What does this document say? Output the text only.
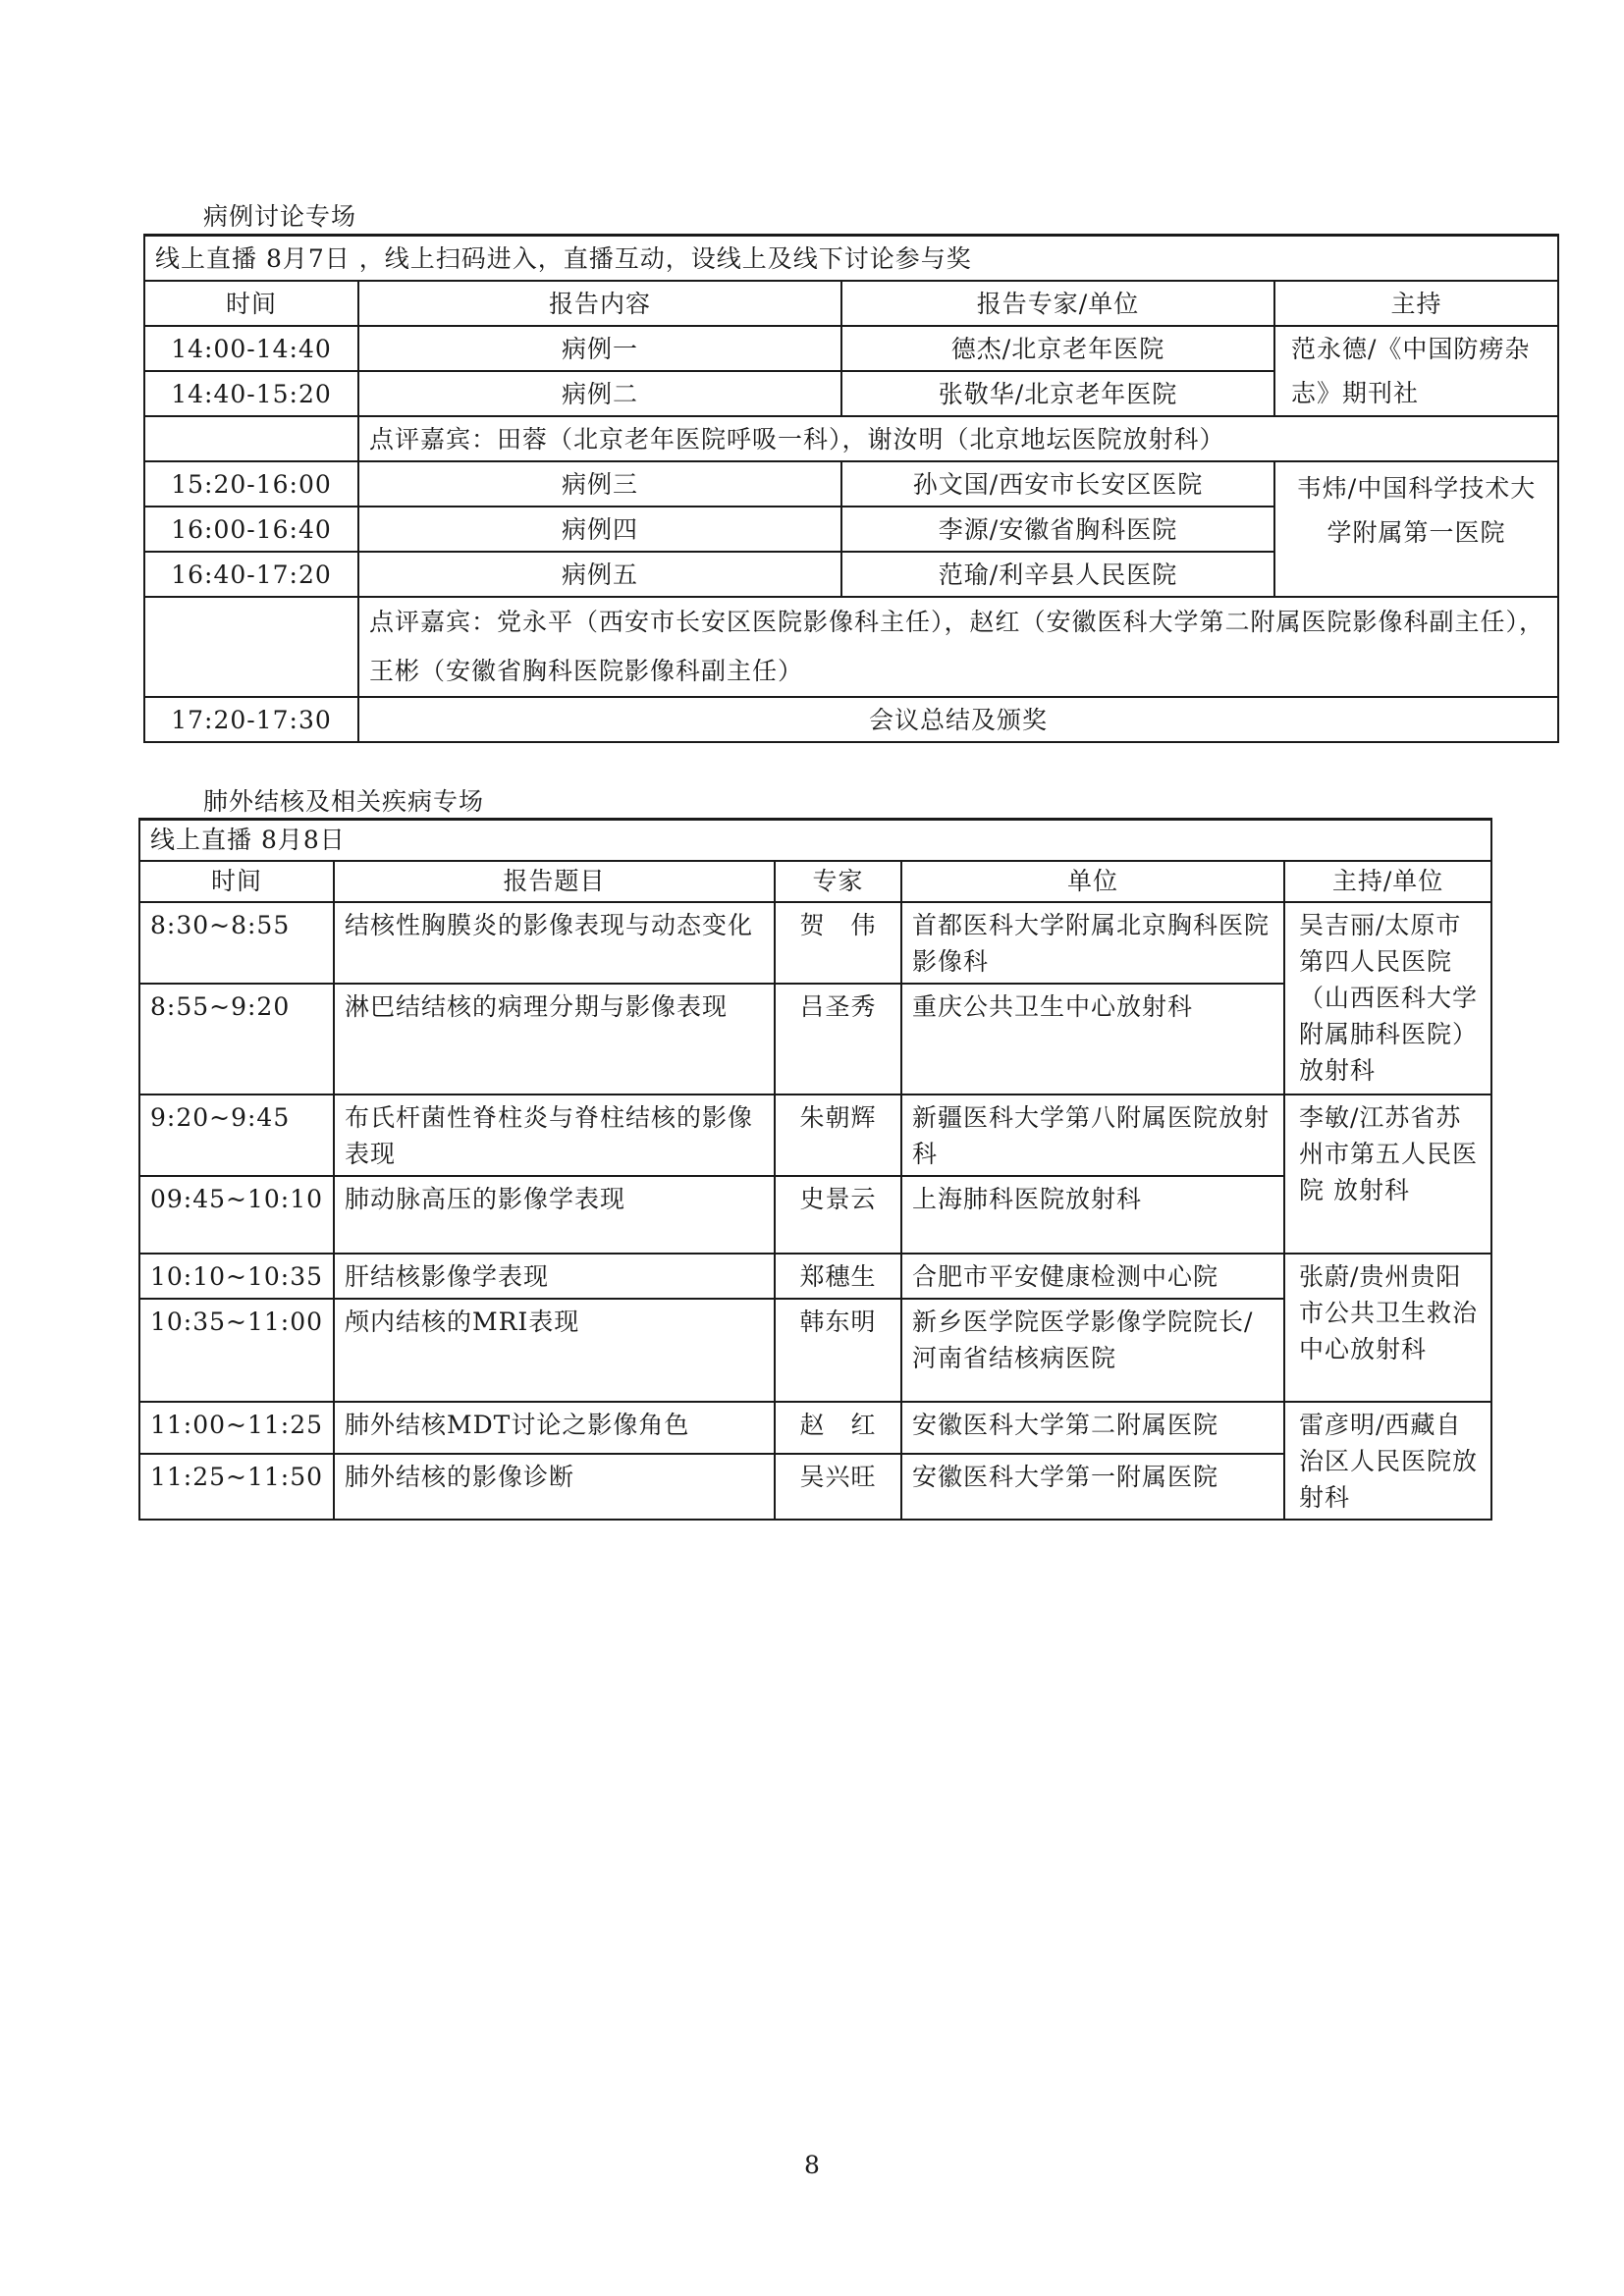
病例讨论专场
线上直播 8月7日 ，线上扫码进入，直播互动，设线上及线下讨论参与奖			
时间	报告内容	报告专家/单位	主持
14:00-14:40	病例一	德杰/北京老年医院	范永德/《中国防痨杂志》期刊社
14:40-15:20	病例二	张敬华/北京老年医院	
	点评嘉宾：田蓉（北京老年医院呼吸一科），谢汝明（北京地坛医院放射科）		
15:20-16:00	病例三	孙文国/西安市长安区医院	韦炜/中国科学技术大学附属第一医院
16:00-16:40	病例四	李源/安徽省胸科医院	
16:40-17:20	病例五	范瑜/利辛县人民医院	
	点评嘉宾：党永平（西安市长安区医院影像科主任），赵红（安徽医科大学第二附属医院影像科副主任），王彬（安徽省胸科医院影像科副主任）		
17:20-17:30	会议总结及颁奖		
肺外结核及相关疾病专场
线上直播 8月8日				
时间	报告题目	专家	单位	主持/单位
8:30~8:55	结核性胸膜炎的影像表现与动态变化	贺　伟	首都医科大学附属北京胸科医院影像科	吴吉丽/太原市第四人民医院（山西医科大学附属肺科医院）放射科
8:55~9:20	淋巴结结核的病理分期与影像表现	吕圣秀	重庆公共卫生中心放射科	
9:20~9:45	布氏杆菌性脊柱炎与脊柱结核的影像表现	朱朝辉	新疆医科大学第八附属医院放射科	李敏/江苏省苏州市第五人民医院 放射科
09:45~10:10	肺动脉高压的影像学表现	史景云	上海肺科医院放射科	
10:10~10:35	肝结核影像学表现	郑穗生	合肥市平安健康检测中心院	张蔚/贵州贵阳市公共卫生救治中心放射科
10:35~11:00	颅内结核的MRI表现	韩东明	新乡医学院医学影像学院院长/河南省结核病医院	
11:00~11:25	肺外结核MDT讨论之影像角色	赵　红	安徽医科大学第二附属医院	雷彦明/西藏自治区人民医院放射科
11:25~11:50	肺外结核的影像诊断	吴兴旺	安徽医科大学第一附属医院	
8
